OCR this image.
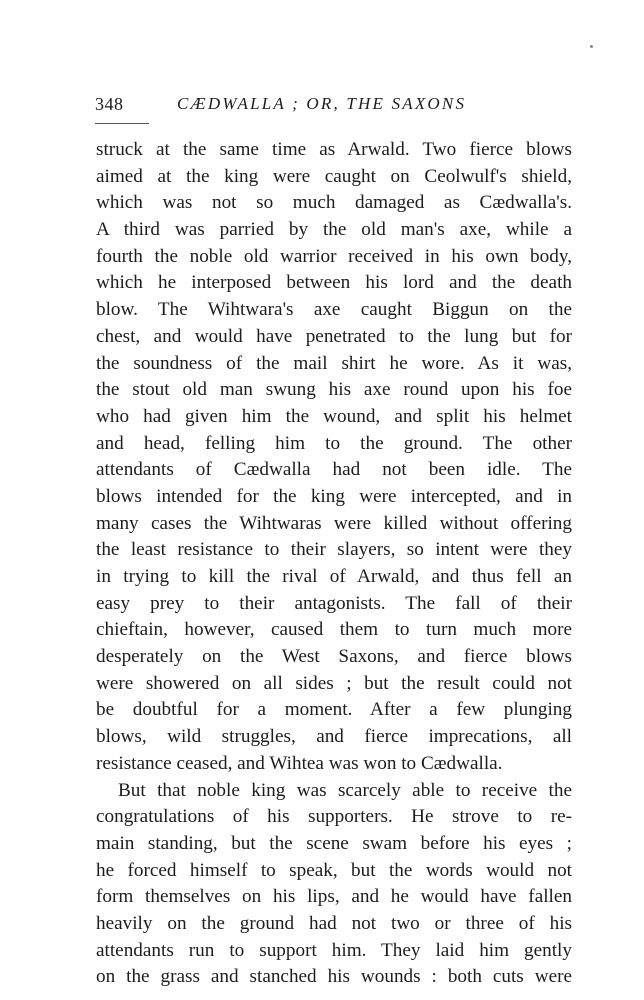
348	CÆDWALLA ; OR, THE SAXONS
struck at the same time as Arwald. Two fierce blows
aimed at the king were caught on Ceolwulf's shield,
which was not so much damaged as Cædwalla's.
A third was parried by the old man's axe, while a
fourth the noble old warrior received in his own body,
which he interposed between his lord and the death
blow. The Wihtwara's axe caught Biggun on the
chest, and would have penetrated to the lung but for
the soundness of the mail shirt he wore. As it was,
the stout old man swung his axe round upon his foe
who had given him the wound, and split his helmet
and head, felling him to the ground. The other
attendants of Cædwalla had not been idle. The
blows intended for the king were intercepted, and in
many cases the Wihtwaras were killed without offering
the least resistance to their slayers, so intent were they
in trying to kill the rival of Arwald, and thus fell an
easy prey to their antagonists. The fall of their
chieftain, however, caused them to turn much more
desperately on the West Saxons, and fierce blows
were showered on all sides ; but the result could not
be doubtful for a moment. After a few plunging
blows, wild struggles, and fierce imprecations, all
resistance ceased, and Wihtea was won to Cædwalla.
But that noble king was scarcely able to receive the
congratulations of his supporters. He strove to re-
main standing, but the scene swam before his eyes ;
he forced himself to speak, but the words would not
form themselves on his lips, and he would have fallen
heavily on the ground had not two or three of his
attendants run to support him. They laid him gently
on the grass and stanched his wounds : both cuts were
